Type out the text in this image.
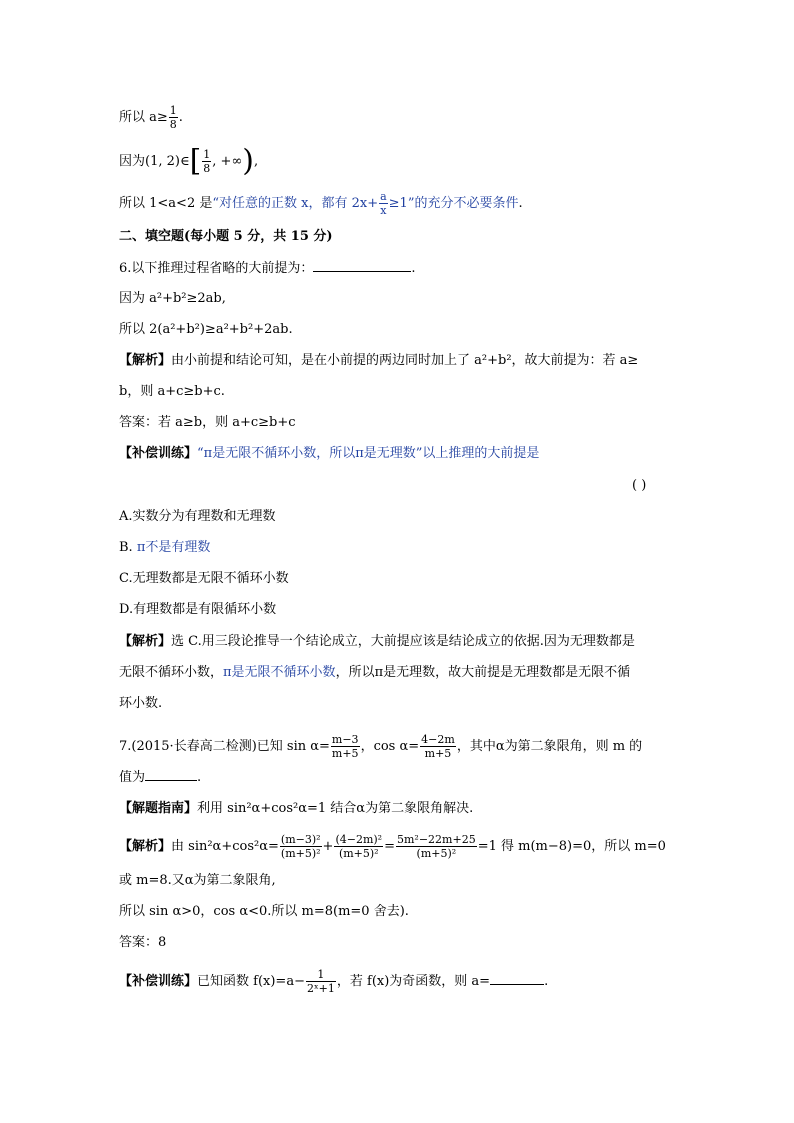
所以 $a\ge \frac{1}{8}$ .
因为(1, 2)∈[ $\frac{1}{8}$ , +∞),
所以 1<a<2 是“对任意的正数 x，都有 $2x+ \frac{a}{x} \ge 1$”的充分不必要条件.
二、填空题(每小题 5 分，共 15 分)
6.以下推理过程省略的大前提为：	.
因为 a²+b²≥2ab,
所以 2(a²+b²)≥a²+b²+2ab.
【解析】由小前提和结论可知，是在小前提的两边同时加上了 a²+b²，故大前提为：若 a≥
b，则 a+c≥b+c.
答案：若 a≥b，则 a+c≥b+c
【补偿训练】“π是无限不循环小数，所以π是无理数”以上推理的大前提是
( )
A.实数分为有理数和无理数
B. π不是有理数
C.无理数都是无限不循环小数
D.有理数都是有限循环小数
【解析】选 C.用三段论推导一个结论成立，大前提应该是结论成立的依据.因为无理数都是
无限不循环小数，π是无限不循环小数，所以π是无理数，故大前提是无理数都是无限不循
环小数.
7.(2015·长春高二检测)已知 $\sin \alpha= \frac{m-3}{m+5}$ ，$\cos \alpha= \frac{4-2m}{m+5}$ ，其中α为第二象限角，则 m 的
值为	.
【解题指南】利用 sin²α+cos²α=1 结合α为第二象限角解决.
【解析】由 $\sin^2\alpha+\cos^2\alpha= \frac{\text{(m−3)²}}{\text{(m+5)²}} + \frac{\text{(4−2m)²}}{\text{(m+5)²}} = \frac{\text{5m²−22m+25}}{\text{(m+5)²}} =1$ 得 m(m−8)=0，所以 m=0
或 m=8.又α为第二象限角,
所以 sin α>0，cos α<0.所以 m=8(m=0 舍去).
答案：8
【补偿训练】已知函数 $f(x)=a- \frac{1}{\text{2ˣ+1}}$ ，若 f(x)为奇函数，则 a=	.
